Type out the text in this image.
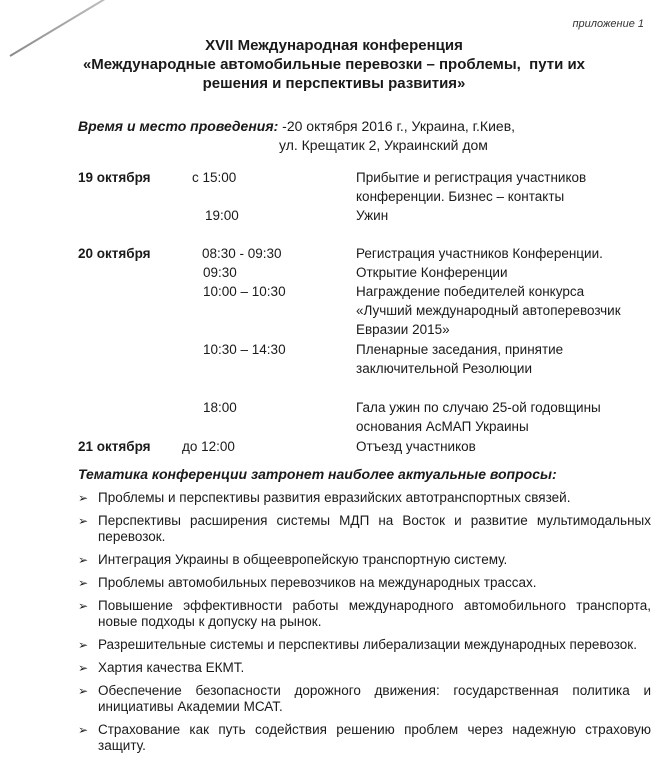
приложение 1
XVII Международная конференция
«Международные автомобильные перевозки – проблемы,  пути их
решения и перспективы развития»
Время и место проведения: -20 октября 2016 г., Украина, г.Киев,
ул. Крещатик 2, Украинский дом
19 октября	с 15:00	Прибытие и регистрация участников
конференции. Бизнес – контакты
19:00	Ужин
20 октября	08:30 - 09:30	Регистрация участников Конференции.
09:30	Открытие Конференции
10:00 – 10:30	Награждение победителей конкурса
«Лучший международный автоперевозчик
Евразии 2015»
10:30 – 14:30	Пленарные заседания, принятие
заключительной Резолюции
18:00	Гала ужин по случаю 25-ой годовщины
основания АсМАП Украины
21 октября	до 12:00	Отъезд участников
Тематика конференции затронет наиболее актуальные вопросы:
➢ Проблемы и перспективы развития евразийских автотранспортных связей.
➢ Перспективы расширения системы МДП на Восток и развитие мультимодальных перевозок.
➢ Интеграция Украины в общеевропейскую транспортную систему.
➢ Проблемы автомобильных перевозчиков на международных трассах.
➢ Повышение эффективности работы международного автомобильного транспорта, новые подходы к допуску на рынок.
➢ Разрешительные системы и перспективы либерализации международных перевозок.
➢ Хартия качества ЕКМТ.
➢ Обеспечение безопасности дорожного движения: государственная политика и инициативы Академии МСАТ.
➢ Страхование как путь содействия решению проблем через надежную страховую защиту.
